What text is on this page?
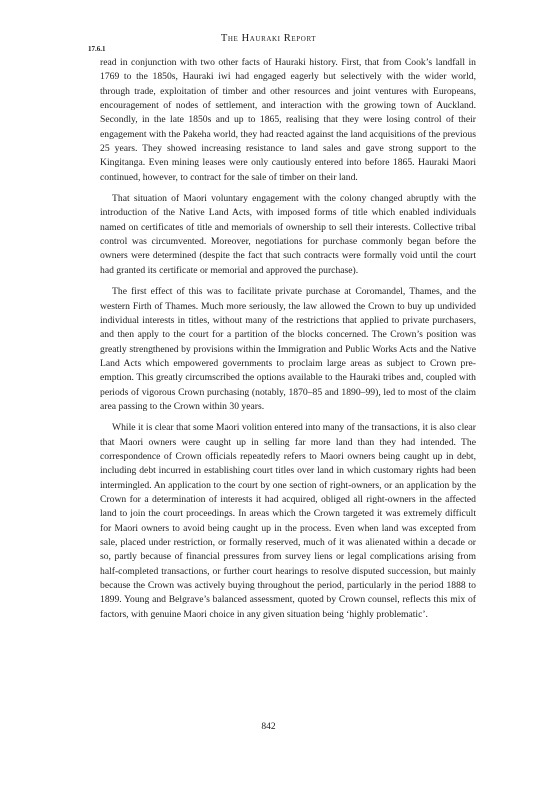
The Hauraki Report
17.6.1

read in conjunction with two other facts of Hauraki history. First, that from Cook’s landfall in 1769 to the 1850s, Hauraki iwi had engaged eagerly but selectively with the wider world, through trade, exploitation of timber and other resources and joint ventures with Europeans, encouragement of nodes of settlement, and interaction with the growing town of Auckland. Secondly, in the late 1850s and up to 1865, realising that they were losing control of their engagement with the Pakeha world, they had reacted against the land acquisitions of the previous 25 years. They showed increasing resistance to land sales and gave strong support to the Kingitanga. Even mining leases were only cautiously entered into before 1865. Hauraki Maori continued, however, to contract for the sale of timber on their land.

That situation of Maori voluntary engagement with the colony changed abruptly with the introduction of the Native Land Acts, with imposed forms of title which enabled individuals named on certificates of title and memorials of ownership to sell their interests. Collective tribal control was circumvented. Moreover, negotiations for purchase commonly began before the owners were determined (despite the fact that such contracts were formally void until the court had granted its certificate or memorial and approved the purchase).

The first effect of this was to facilitate private purchase at Coromandel, Thames, and the western Firth of Thames. Much more seriously, the law allowed the Crown to buy up undivided individual interests in titles, without many of the restrictions that applied to private purchasers, and then apply to the court for a partition of the blocks concerned. The Crown’s position was greatly strengthened by provisions within the Immigration and Public Works Acts and the Native Land Acts which empowered governments to proclaim large areas as subject to Crown pre-emption. This greatly circumscribed the options available to the Hauraki tribes and, coupled with periods of vigorous Crown purchasing (notably, 1870–85 and 1890–99), led to most of the claim area passing to the Crown within 30 years.

While it is clear that some Maori volition entered into many of the transactions, it is also clear that Maori owners were caught up in selling far more land than they had intended. The correspondence of Crown officials repeatedly refers to Maori owners being caught up in debt, including debt incurred in establishing court titles over land in which customary rights had been intermingled. An application to the court by one section of right-owners, or an application by the Crown for a determination of interests it had acquired, obliged all right-owners in the affected land to join the court proceedings. In areas which the Crown targeted it was extremely difficult for Maori owners to avoid being caught up in the process. Even when land was excepted from sale, placed under restriction, or formally reserved, much of it was alienated within a decade or so, partly because of financial pressures from survey liens or legal complications arising from half-completed transactions, or further court hearings to resolve disputed succession, but mainly because the Crown was actively buying throughout the period, particularly in the period 1888 to 1899. Young and Belgrave’s balanced assessment, quoted by Crown counsel, reflects this mix of factors, with genuine Maori choice in any given situation being ‘highly problematic’.

842
